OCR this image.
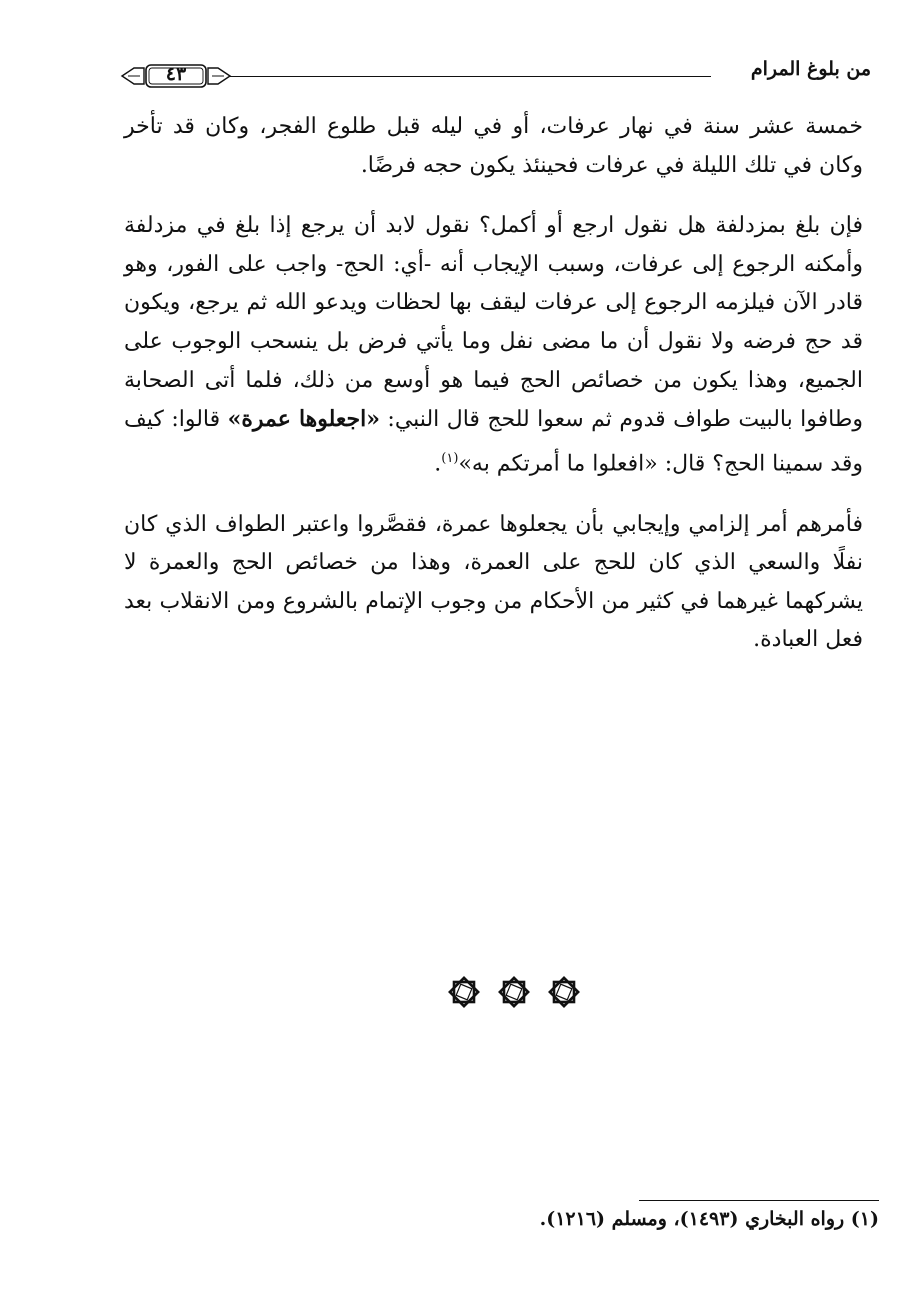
من بلوغ المرام
٤٣

خمسة عشر سنة في نهار عرفات، أو في ليله قبل طلوع الفجر، وكان قد تأخر وكان في تلك الليلة في عرفات فحينئذ يكون حجه فرضًا.

فإن بلغ بمزدلفة هل نقول ارجع أو أكمل؟ نقول لابد أن يرجع إذا بلغ في مزدلفة وأمكنه الرجوع إلى عرفات، وسبب الإيجاب أنه -أي: الحج- واجب على الفور، وهو قادر الآن فيلزمه الرجوع إلى عرفات ليقف بها لحظات ويدعو الله ثم يرجع، ويكون قد حج فرضه ولا نقول أن ما مضى نفل وما يأتي فرض بل ينسحب الوجوب على الجميع، وهذا يكون من خصائص الحج فيما هو أوسع من ذلك، فلما أتى الصحابة وطافوا بالبيت طواف قدوم ثم سعوا للحج قال النبي: «اجعلوها عمرة» قالوا: كيف وقد سمينا الحج؟ قال: «افعلوا ما أمرتكم به»$^{(١)}$.

فأمرهم أمر إلزامي وإيجابي بأن يجعلوها عمرة، فقصَّروا واعتبر الطواف الذي كان نفلًا والسعي الذي كان للحج على العمرة، وهذا من خصائص الحج والعمرة لا يشركهما غيرهما في كثير من الأحكام من وجوب الإتمام بالشروع ومن الانقلاب بعد فعل العبادة.

(١) رواه البخاري (١٤٩٣)، ومسلم (١٢١٦).
